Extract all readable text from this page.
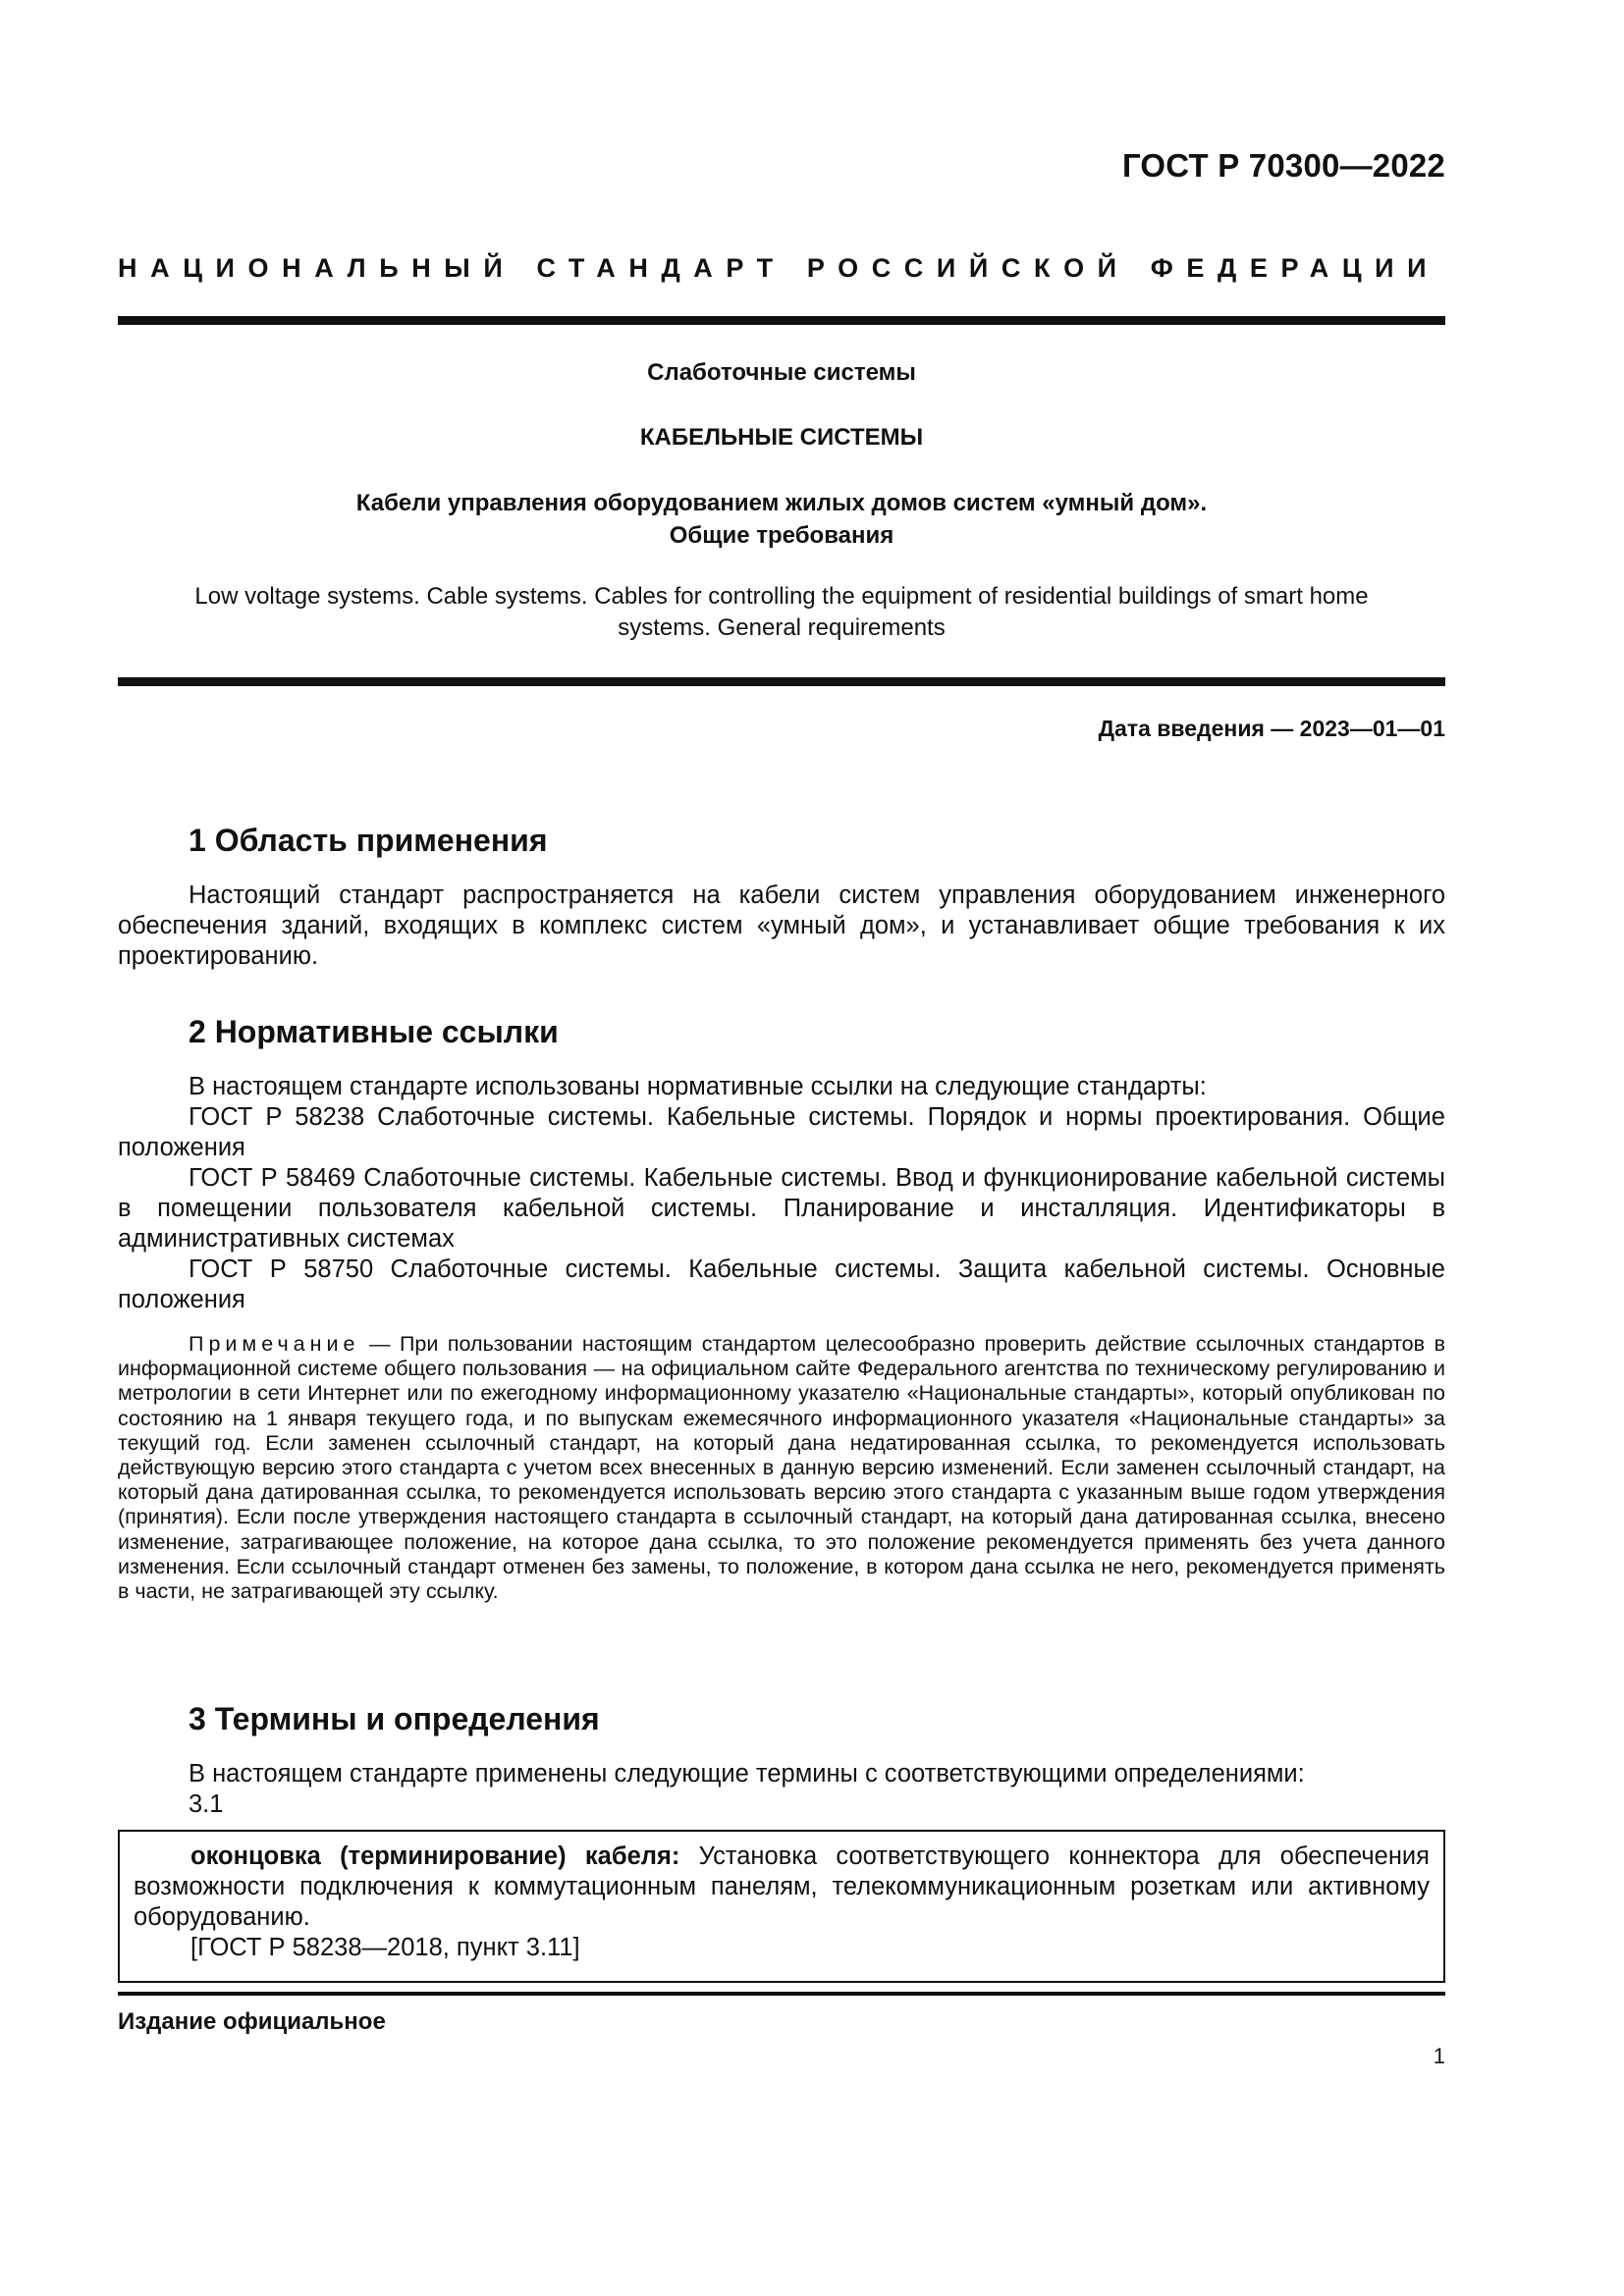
ГОСТ Р 70300—2022
НАЦИОНАЛЬНЫЙ СТАНДАРТ РОССИЙСКОЙ ФЕДЕРАЦИИ
Слаботочные системы
КАБЕЛЬНЫЕ СИСТЕМЫ
Кабели управления оборудованием жилых домов систем «умный дом».
Общие требования
Low voltage systems. Cable systems. Cables for controlling the equipment of residential buildings of smart home systems. General requirements
Дата введения — 2023—01—01
1 Область применения

Настоящий стандарт распространяется на кабели систем управления оборудованием инженерного обеспечения зданий, входящих в комплекс систем «умный дом», и устанавливает общие требования к их проектированию.

2 Нормативные ссылки

В настоящем стандарте использованы нормативные ссылки на следующие стандарты:

ГОСТ Р 58238 Слаботочные системы. Кабельные системы. Порядок и нормы проектирования. Общие положения

ГОСТ Р 58469 Слаботочные системы. Кабельные системы. Ввод и функционирование кабельной системы в помещении пользователя кабельной системы. Планирование и инсталляция. Идентификаторы в административных системах

ГОСТ Р 58750 Слаботочные системы. Кабельные системы. Защита кабельной системы. Основные положения

Примечание — При пользовании настоящим стандартом целесообразно проверить действие ссылочных стандартов в информационной системе общего пользования — на официальном сайте Федерального агентства по техническому регулированию и метрологии в сети Интернет или по ежегодному информационному указателю «Национальные стандарты», который опубликован по состоянию на 1 января текущего года, и по выпускам ежемесячного информационного указателя «Национальные стандарты» за текущий год. Если заменен ссылочный стандарт, на который дана недатированная ссылка, то рекомендуется использовать действующую версию этого стандарта с учетом всех внесенных в данную версию изменений. Если заменен ссылочный стандарт, на который дана датированная ссылка, то рекомендуется использовать версию этого стандарта с указанным выше годом утверждения (принятия). Если после утверждения настоящего стандарта в ссылочный стандарт, на который дана датированная ссылка, внесено изменение, затрагивающее положение, на которое дана ссылка, то это положение рекомендуется применять без учета данного изменения. Если ссылочный стандарт отменен без замены, то положение, в котором дана ссылка не него, рекомендуется применять в части, не затрагивающей эту ссылку.

3 Термины и определения

В настоящем стандарте применены следующие термины с соответствующими определениями:

3.1

оконцовка (терминирование) кабеля: Установка соответствующего коннектора для обеспечения возможности подключения к коммутационным панелям, телекоммуникационным розеткам или активному оборудованию.

[ГОСТ Р 58238—2018, пункт 3.11]

Издание официальное
1
